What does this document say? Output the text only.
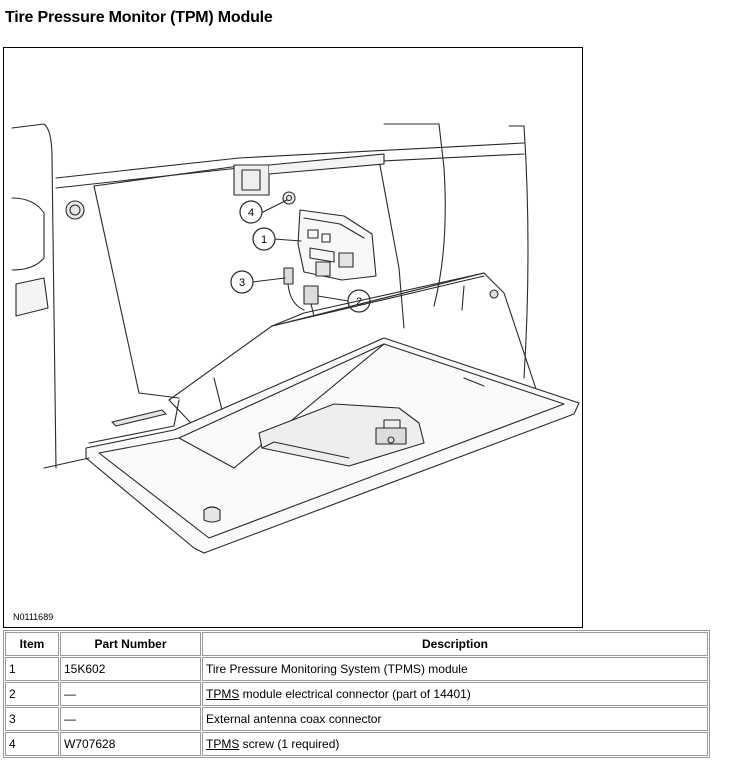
Tire Pressure Monitor (TPM) Module
4
1
3
2
N0111689
Item	Part Number	Description
1	15K602	Tire Pressure Monitoring System (TPMS) module
2	—	TPMS module electrical connector (part of 14401)
3	—	External antenna coax connector
4	W707628	TPMS screw (1 required)
